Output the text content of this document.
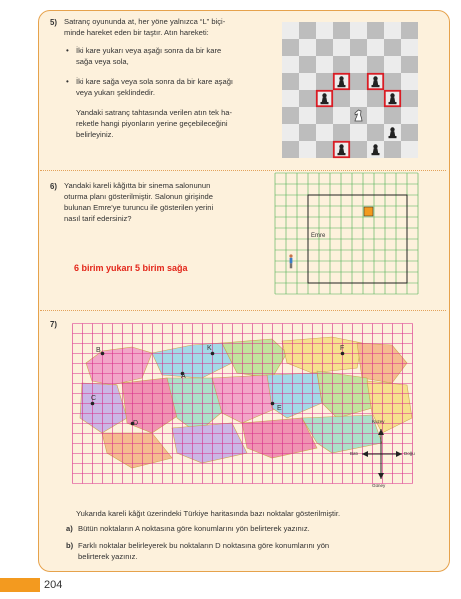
5) Satranç oyununda at, her yöne yalnızca “L” biçi-
minde hareket eden bir taştır. Atın hareketi:
• İki kare yukarı veya aşağı sonra da bir kare
sağa veya sola,
• İki kare sağa veya sola sonra da bir kare aşağı
veya yukarı şeklindedir.
Yandaki satranç tahtasında verilen atın tek ha-
reketle hangi piyonların yerine geçebileceğini
belirleyiniz.
6) Yandaki kareli kâğıtta bir sinema salonunun
oturma planı gösterilmiştir. Salonun girişinde
bulunan Emre'ye turuncu ile gösterilen yerini
nasıl tarif edersiniz?
6 birim yukarı 5 birim sağa
Emre
7)
B	K
C
A
D
E
F
Kuzey
Güney
Doğu
Batı
Yukarıda kareli kâğıt üzerindeki Türkiye haritasında bazı noktalar gösterilmiştir.
a) Bütün noktaların A noktasına göre konumlarını yön belirterek yazınız.
b) Farklı noktalar belirleyerek bu noktaların D noktasına göre konumlarını yön
belirterek yazınız.
204
